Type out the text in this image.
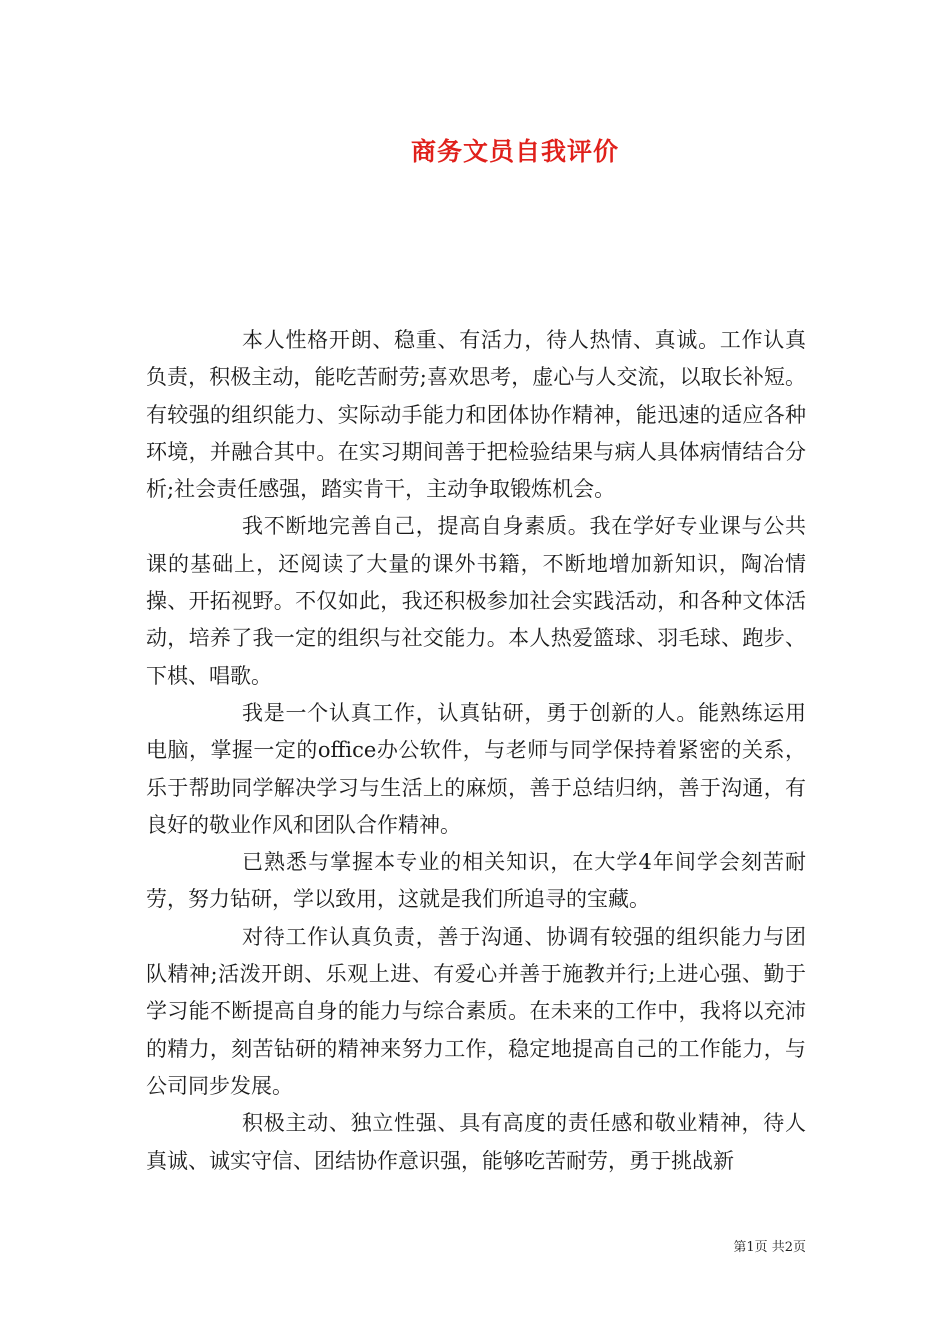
商务文员自我评价

本人性格开朗、稳重、有活力，待人热情、真诚。工作认真负责，积极主动，能吃苦耐劳;喜欢思考，虚心与人交流，以取长补短。有较强的组织能力、实际动手能力和团体协作精神，能迅速的适应各种环境，并融合其中。在实习期间善于把检验结果与病人具体病情结合分析;社会责任感强，踏实肯干，主动争取锻炼机会。

我不断地完善自己，提高自身素质。我在学好专业课与公共课的基础上，还阅读了大量的课外书籍，不断地增加新知识，陶冶情操、开拓视野。不仅如此，我还积极参加社会实践活动，和各种文体活动，培养了我一定的组织与社交能力。本人热爱篮球、羽毛球、跑步、下棋、唱歌。

我是一个认真工作，认真钻研，勇于创新的人。能熟练运用电脑，掌握一定的office办公软件，与老师与同学保持着紧密的关系，乐于帮助同学解决学习与生活上的麻烦，善于总结归纳，善于沟通，有良好的敬业作风和团队合作精神。

已熟悉与掌握本专业的相关知识，在大学4年间学会刻苦耐劳，努力钻研，学以致用，这就是我们所追寻的宝藏。

对待工作认真负责，善于沟通、协调有较强的组织能力与团队精神;活泼开朗、乐观上进、有爱心并善于施教并行;上进心强、勤于学习能不断提高自身的能力与综合素质。在未来的工作中，我将以充沛的精力，刻苦钻研的精神来努力工作，稳定地提高自己的工作能力，与公司同步发展。

积极主动、独立性强、具有高度的责任感和敬业精神，待人真诚、诚实守信、团结协作意识强，能够吃苦耐劳，勇于挑战新

第1页 共2页
